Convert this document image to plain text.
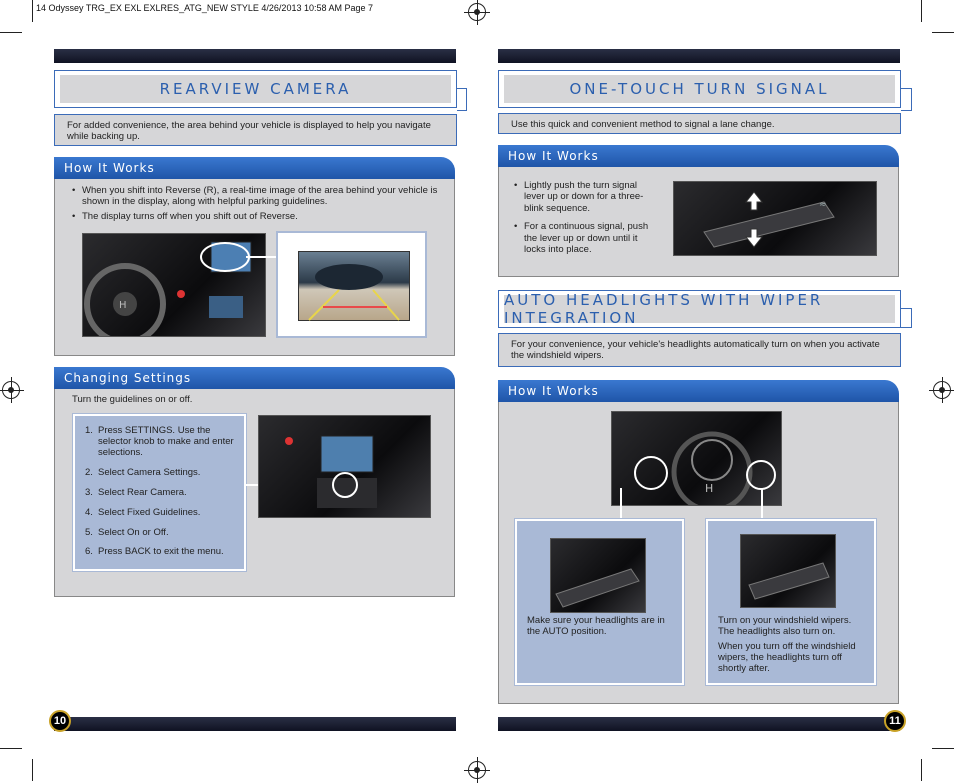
14 Odyssey TRG_EX EXL EXLRES_ATG_NEW STYLE 4/26/2013 10:58 AM Page 7
REARVIEW CAMERA
For added convenience, the area behind your vehicle is displayed to help you navigate while backing up.
How It Works
• When you shift into Reverse (R), a real-time image of the area behind your vehicle is shown in the display, along with helpful parking guidelines.
• The display turns off when you shift out of Reverse.
H
Changing Settings
Turn the guidelines on or off.
1. Press SETTINGS. Use the selector knob to make and enter selections.
2. Select Camera Settings.
3. Select Rear Camera.
4. Select Fixed Guidelines.
5. Select On or Off.
6. Press BACK to exit the menu.
10
ONE-TOUCH TURN SIGNAL
Use this quick and convenient method to signal a lane change.
How It Works
• Lightly push the turn signal lever up or down for a three-blink sequence.
• For a continuous signal, push the lever up or down until it locks into place.
≈
AUTO HEADLIGHTS WITH WIPER INTEGRATION
For your convenience, your vehicle's headlights automatically turn on when you activate the windshield wipers.
How It Works
H
Make sure your headlights are in the AUTO position.
Turn on your windshield wipers. The headlights also turn on.
When you turn off the windshield wipers, the headlights turn off shortly after.
11
